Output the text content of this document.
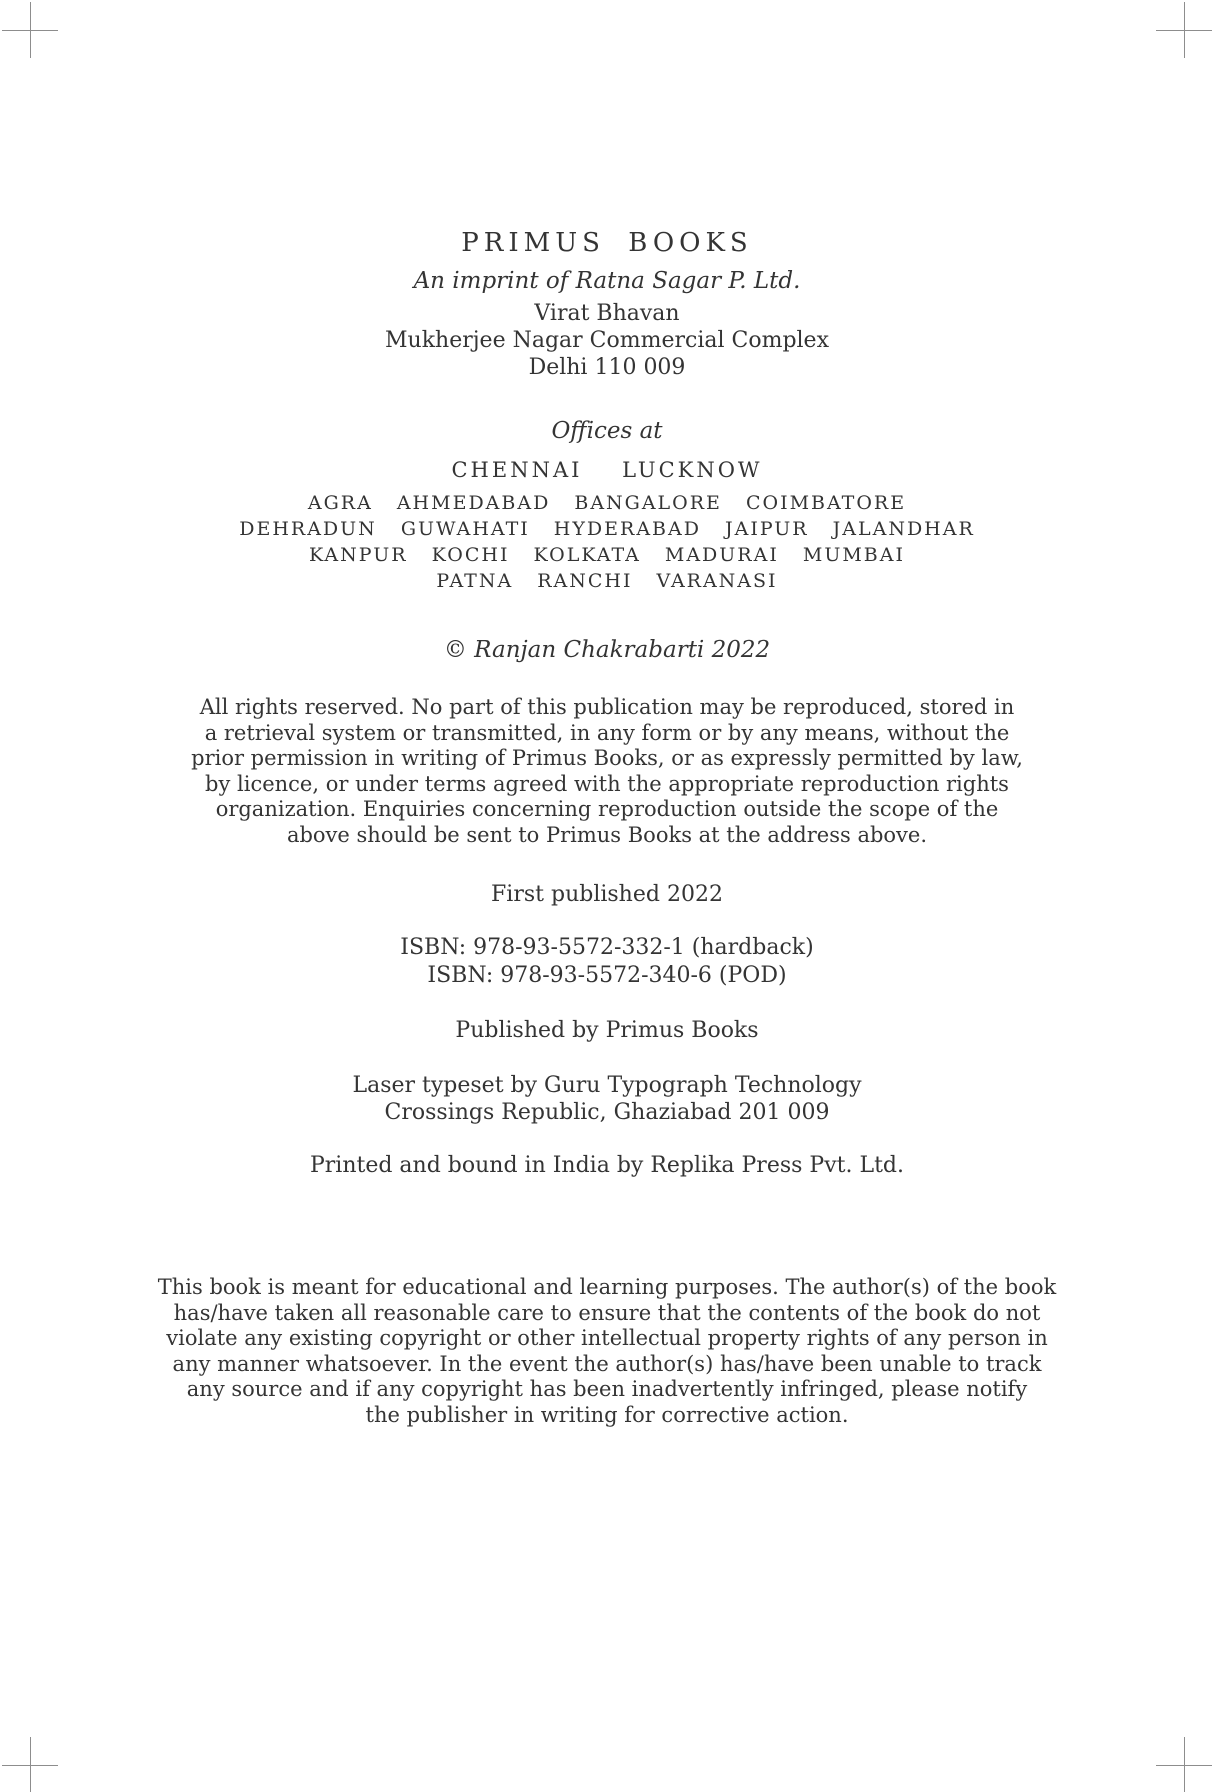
PRIMUS BOOKS
An imprint of Ratna Sagar P. Ltd.
Virat Bhavan
Mukherjee Nagar Commercial Complex
Delhi 110 009
Offices at
CHENNAI LUCKNOW
AGRA AHMEDABAD BANGALORE COIMBATORE
DEHRADUN GUWAHATI HYDERABAD JAIPUR JALANDHAR
KANPUR KOCHI KOLKATA MADURAI MUMBAI
PATNA RANCHI VARANASI
© Ranjan Chakrabarti 2022
All rights reserved. No part of this publication may be reproduced, stored in
a retrieval system or transmitted, in any form or by any means, without the
prior permission in writing of Primus Books, or as expressly permitted by law,
by licence, or under terms agreed with the appropriate reproduction rights
organization. Enquiries concerning reproduction outside the scope of the
above should be sent to Primus Books at the address above.
First published 2022
ISBN: 978-93-5572-332-1 (hardback)
ISBN: 978-93-5572-340-6 (POD)
Published by Primus Books
Laser typeset by Guru Typograph Technology
Crossings Republic, Ghaziabad 201 009
Printed and bound in India by Replika Press Pvt. Ltd.
This book is meant for educational and learning purposes. The author(s) of the book
has/have taken all reasonable care to ensure that the contents of the book do not
violate any existing copyright or other intellectual property rights of any person in
any manner whatsoever. In the event the author(s) has/have been unable to track
any source and if any copyright has been inadvertently infringed, please notify
the publisher in writing for corrective action.
